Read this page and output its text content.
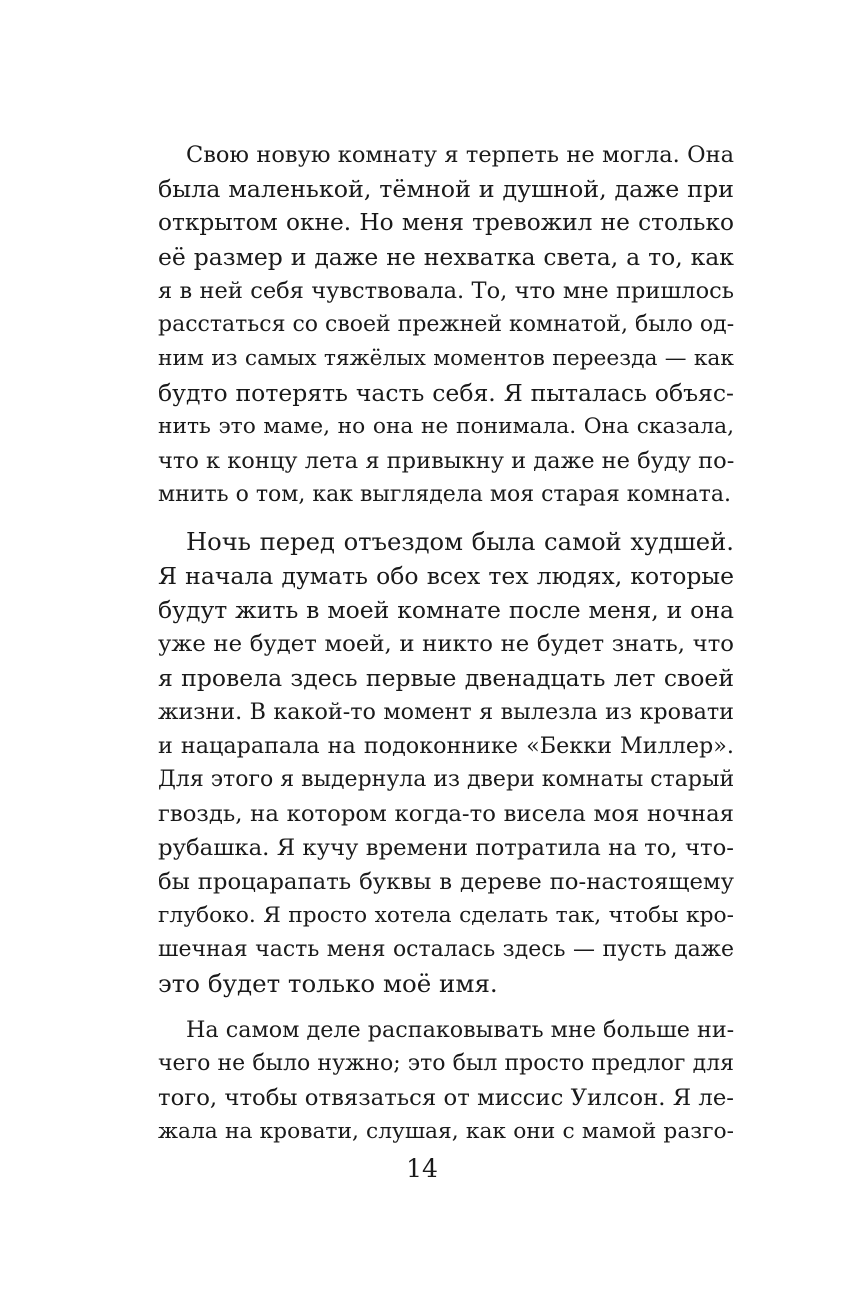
Свою новую комнату я терпеть не могла. Она
была маленькой, тёмной и душной, даже при
открытом окне. Но меня тревожил не столько
её размер и даже не нехватка света, а то, как
я в ней себя чувствовала. То, что мне пришлось
расстаться со своей прежней комнатой, было од-
ним из самых тяжёлых моментов переезда — как
будто потерять часть себя. Я пыталась объяс-
нить это маме, но она не понимала. Она сказала,
что к концу лета я привыкну и даже не буду по-
мнить о том, как выглядела моя старая комната.
Ночь перед отъездом была самой худшей.
Я начала думать обо всех тех людях, которые
будут жить в моей комнате после меня, и она
уже не будет моей, и никто не будет знать, что
я провела здесь первые двенадцать лет своей
жизни. В какой-то момент я вылезла из кровати
и нацарапала на подоконнике «Бекки Миллер».
Для этого я выдернула из двери комнаты старый
гвоздь, на котором когда-то висела моя ночная
рубашка. Я кучу времени потратила на то, что-
бы процарапать буквы в дереве по-настоящему
глубоко. Я просто хотела сделать так, чтобы кро-
шечная часть меня осталась здесь — пусть даже
это будет только моё имя.
На самом деле распаковывать мне больше ни-
чего не было нужно; это был просто предлог для
того, чтобы отвязаться от миссис Уилсон. Я ле-
жала на кровати, слушая, как они с мамой разго-
14
